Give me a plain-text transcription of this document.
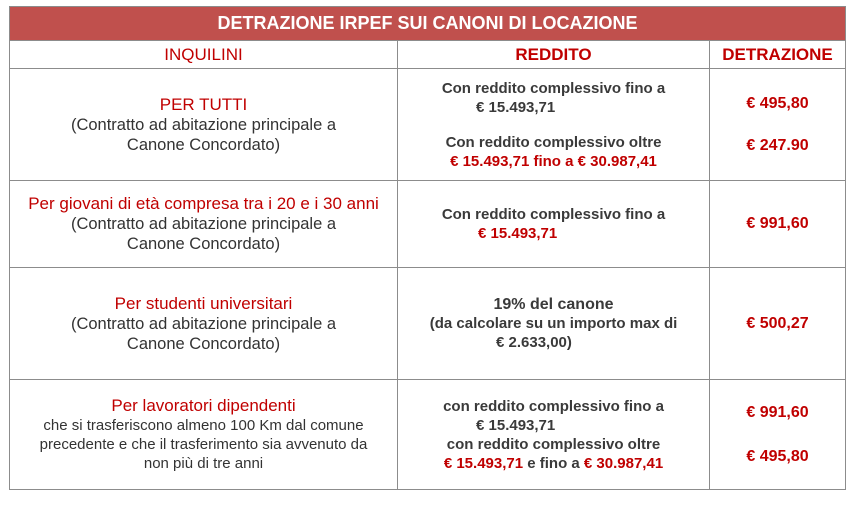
DETRAZIONE IRPEF SUI CANONI DI LOCAZIONE		
INQUILINI	REDDITO	DETRAZIONE

PER TUTTI
(Contratto ad abitazione principale a
Canone Concordato)	Con reddito complessivo fino a
€ 15.493,71
Con reddito complessivo oltre
€ 15.493,71 fino a € 30.987,41	€ 495,80
€ 247.90

Per giovani di età compresa tra i 20 e i 30 anni
(Contratto ad abitazione principale a
Canone Concordato)	Con reddito complessivo fino a
€ 15.493,71	€ 991,60

Per studenti universitari
(Contratto ad abitazione principale a
Canone Concordato)	19% del canone
(da calcolare su un importo max di
€ 2.633,00)	€ 500,27

Per lavoratori dipendenti
che si trasferiscono almeno 100 Km dal comune
precedente e che il trasferimento sia avvenuto da
non più di tre anni	con reddito complessivo fino a
€ 15.493,71
con reddito complessivo oltre
€ 15.493,71 e fino a € 30.987,41	€ 991,60
€ 495,80
